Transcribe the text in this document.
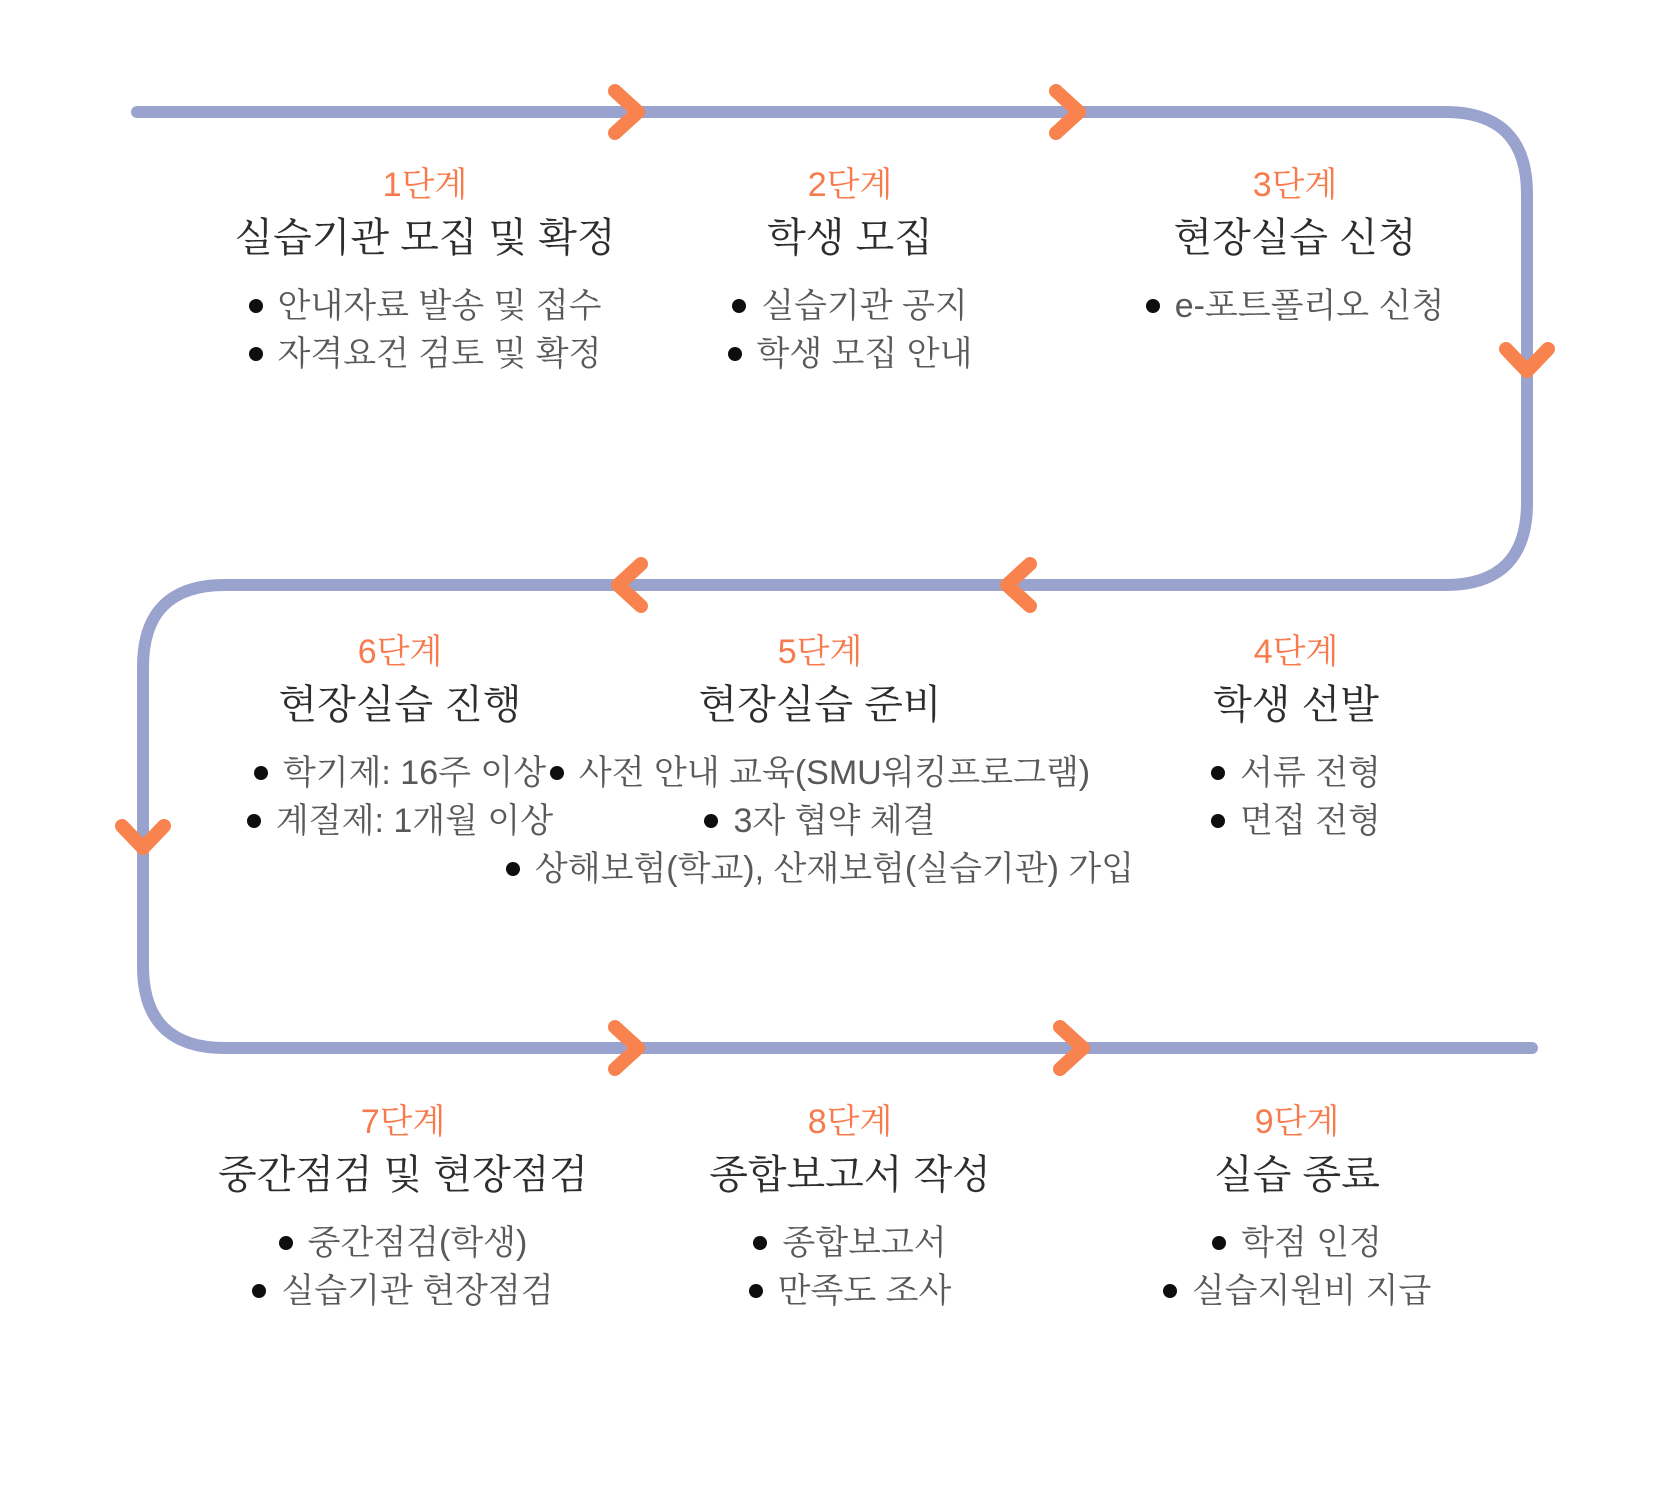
1단계
실습기관 모집 및 확정
안내자료 발송 및 접수
자격요건 검토 및 확정
2단계
학생 모집
실습기관 공지
학생 모집 안내
3단계
현장실습 신청
e-포트폴리오 신청
6단계
현장실습 진행
학기제: 16주 이상
계절제: 1개월 이상
5단계
현장실습 준비
사전 안내 교육(SMU워킹프로그램)
3자 협약 체결
상해보험(학교), 산재보험(실습기관) 가입
4단계
학생 선발
서류 전형
면접 전형
7단계
중간점검 및 현장점검
중간점검(학생)
실습기관 현장점검
8단계
종합보고서 작성
종합보고서
만족도 조사
9단계
실습 종료
학점 인정
실습지원비 지급
